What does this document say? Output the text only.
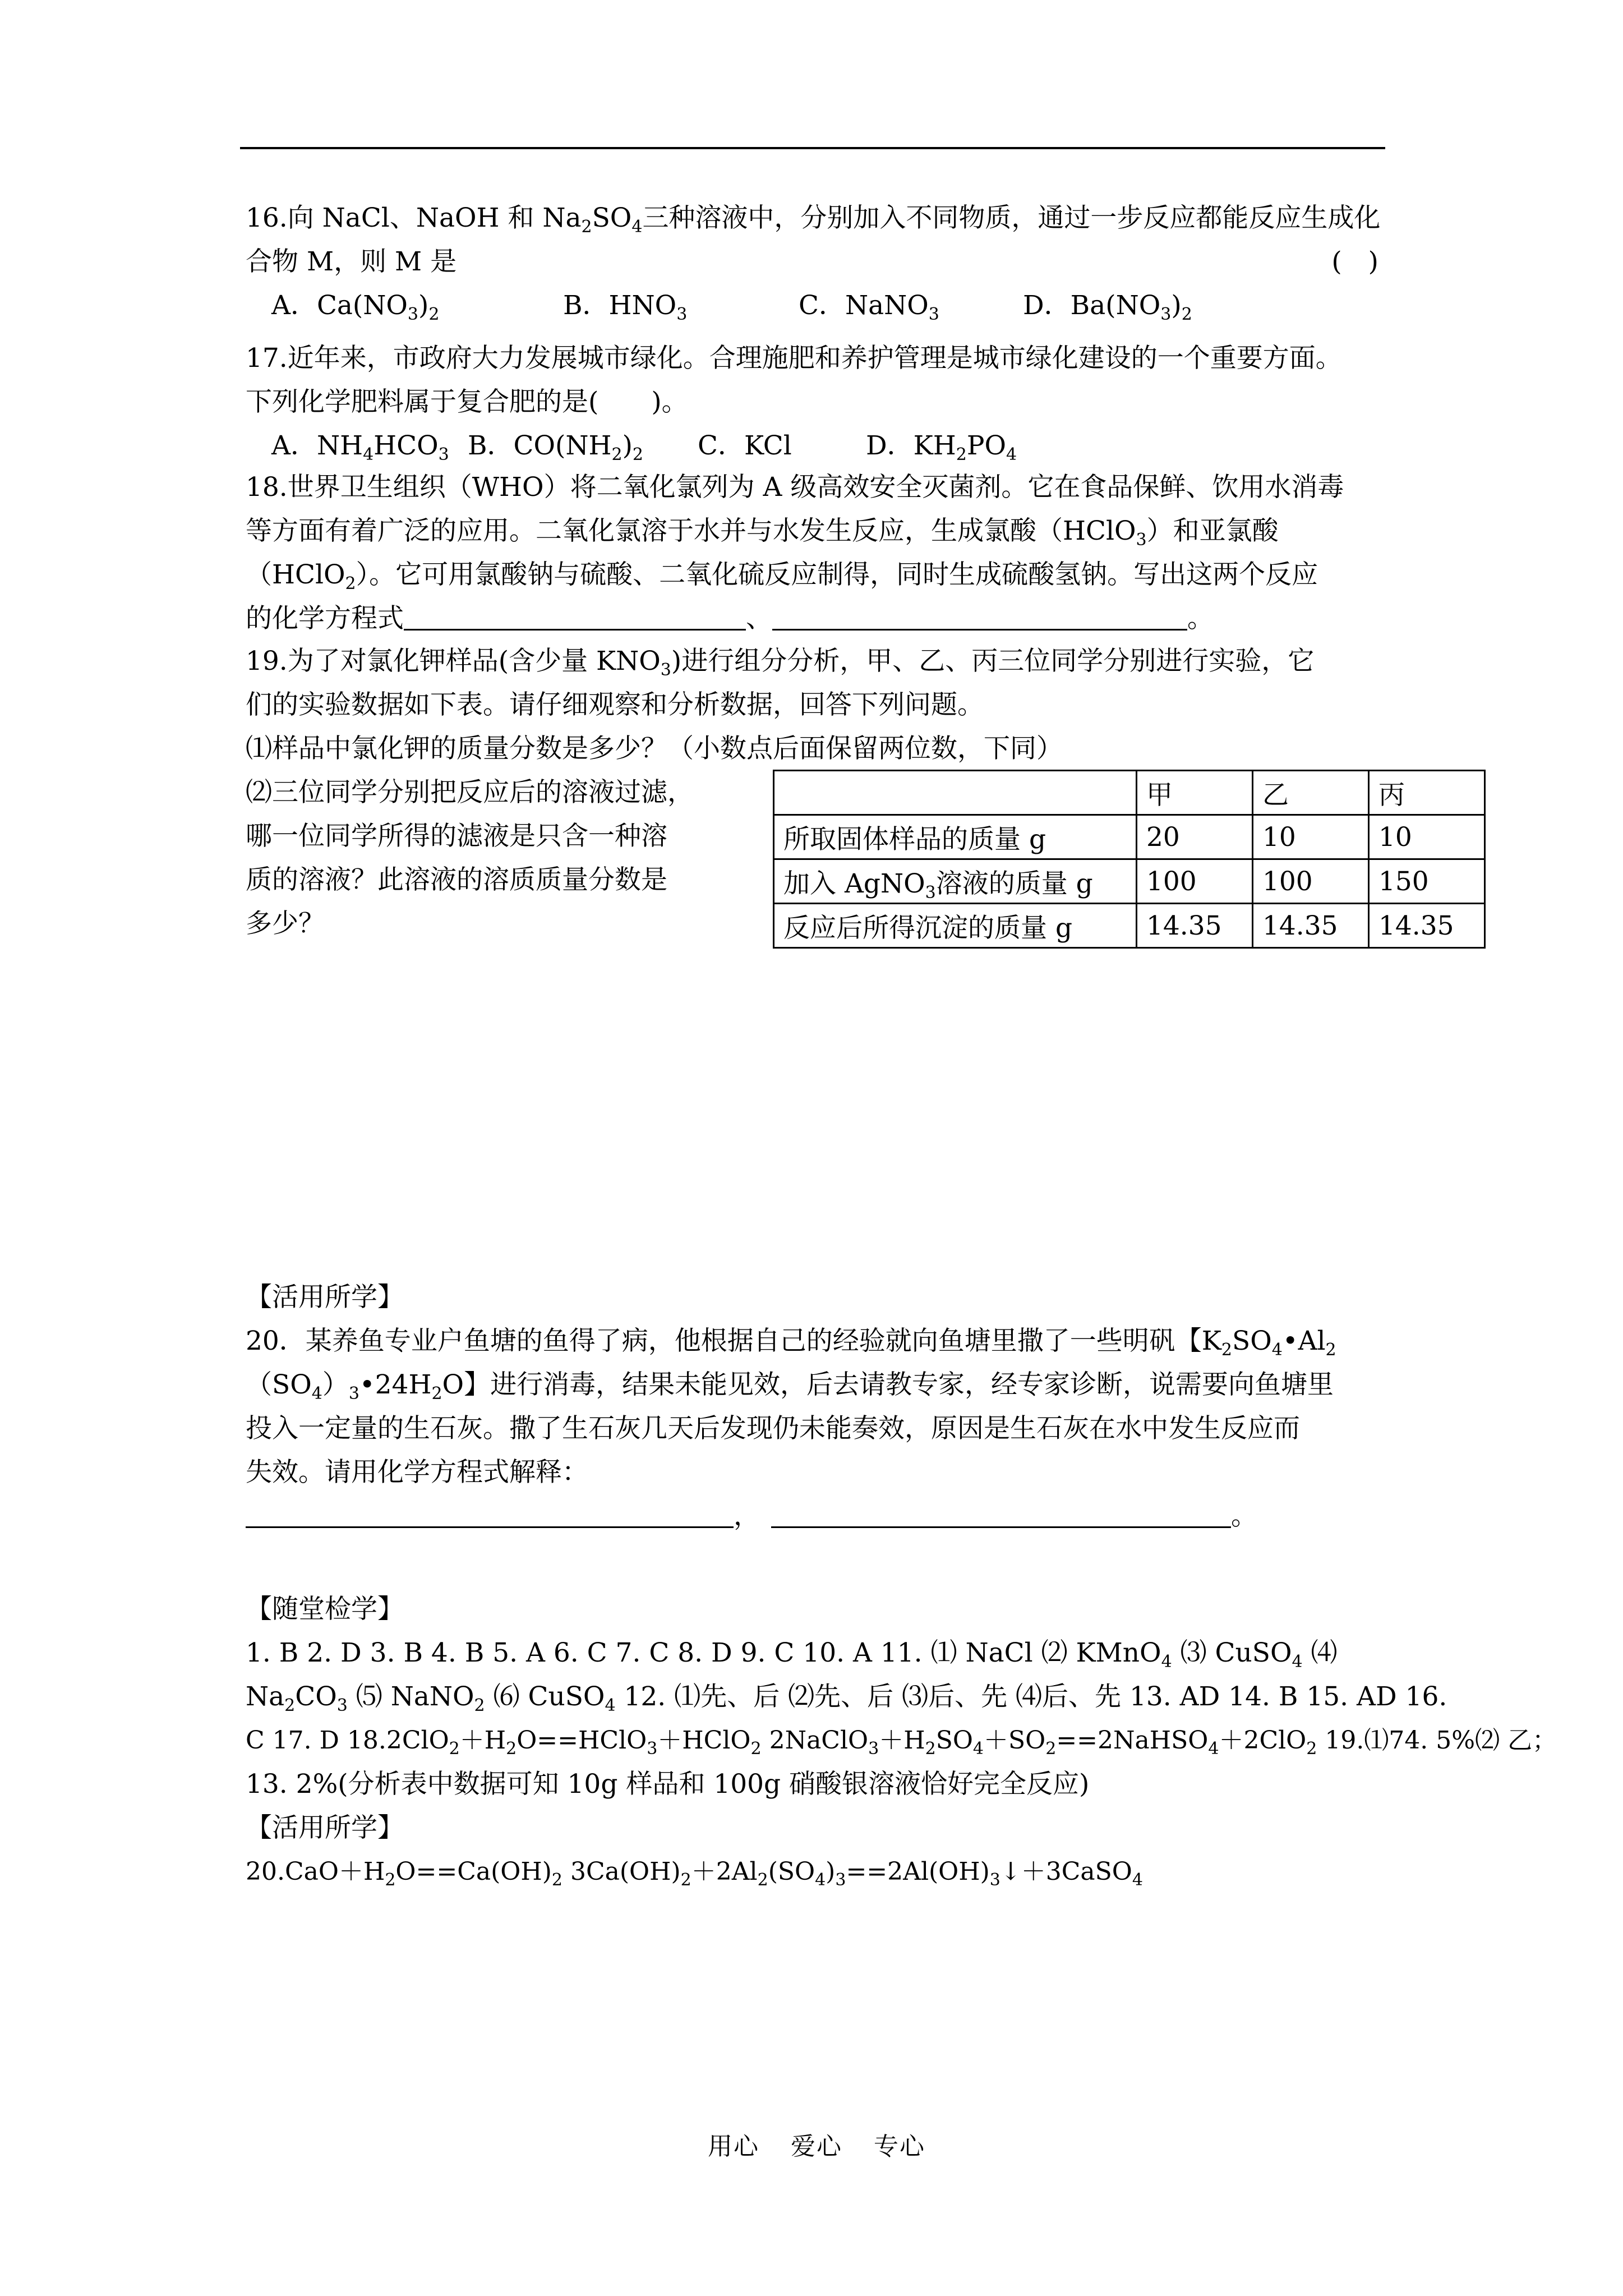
16.向 NaCl、NaOH 和 $Na_2SO_4$三种溶液中，分别加入不同物质，通过一步反应都能反应生成化
合物 M，则 M 是	(　)
A．$Ca(NO_3)_2$	B．$HNO_3$	C．NaNO$_3$	D．$Ba(NO_3)_2$
17.近年来，市政府大力发展城市绿化。合理施肥和养护管理是城市绿化建设的一个重要方面。
下列化学肥料属于复合肥的是(　　)。
A．$NH_4HCO_3$ B．$CO(NH_2)_2$ C．KCl	D．$KH_2PO_4$
18.世界卫生组织（WHO）将二氧化氯列为 A 级高效安全灭菌剂。它在食品保鲜、饮用水消毒
等方面有着广泛的应用。二氧化氯溶于水并与水发生反应，生成氯酸（HClO$_3$）和亚氯酸
（HClO$_2$）。它可用氯酸钠与硫酸、二氧化硫反应制得，同时生成硫酸氢钠。写出这两个反应
的化学方程式	、	。
19.为了对氯化钾样品(含少量 $KNO_3$)进行组分分析，甲、乙、丙三位同学分别进行实验，它
们的实验数据如下表。请仔细观察和分析数据，回答下列问题。
⑴样品中氯化钾的质量分数是多少？（小数点后面保留两位数，下同）
⑵三位同学分别把反应后的溶液过滤，
哪一位同学所得的滤液是只含一种溶
质的溶液？此溶液的溶质质量分数是
多少？
	甲	乙	丙
所取固体样品的质量 g	20	10	10
加入 AgNO$_3$溶液的质量 g	100	100	150
反应后所得沉淀的质量 g	14.35	14.35	14.35
【活用所学】
20．某养鱼专业户鱼塘的鱼得了病，他根据自己的经验就向鱼塘里撒了一些明矾【$K_2SO_4•Al_2$
$(SO_4)_3•24H_2O$】进行消毒，结果未能见效，后去请教专家，经专家诊断，说需要向鱼塘里
投入一定量的生石灰。撒了生石灰几天后发现仍未能奏效，原因是生石灰在水中发生反应而
失效。请用化学方程式解释：
，	。
【随堂检学】
1. B 2. D 3. B 4. B 5. A 6. C 7. C 8. D 9. C 10. A 11. ⑴ NaCl ⑵ KMnO$_4$ ⑶ CuSO$_4$ ⑷
$Na_2CO_3$ ⑸ NaNO$_2$ ⑹ CuSO$_4$ 12. ⑴先、后 ⑵先、后 ⑶后、先 ⑷后、先 13. AD 14. B 15. AD 16.
C 17. D $18.2ClO_2+H_2O==HClO_3+HClO_2$ $2NaClO_3+H_2SO_4+SO_2==2NaHSO_4+2ClO_2$ 19.⑴74. 5%⑵ 乙；
13. 2%(分析表中数据可知 10g 样品和 100g 硝酸银溶液恰好完全反应)
【活用所学】
$20.CaO+H_2O==Ca(OH)_2$ $3Ca(OH)_2+2Al_2(SO_4)_3==2Al(OH)_3↓+3CaSO_4$
用心 爱心 专心
